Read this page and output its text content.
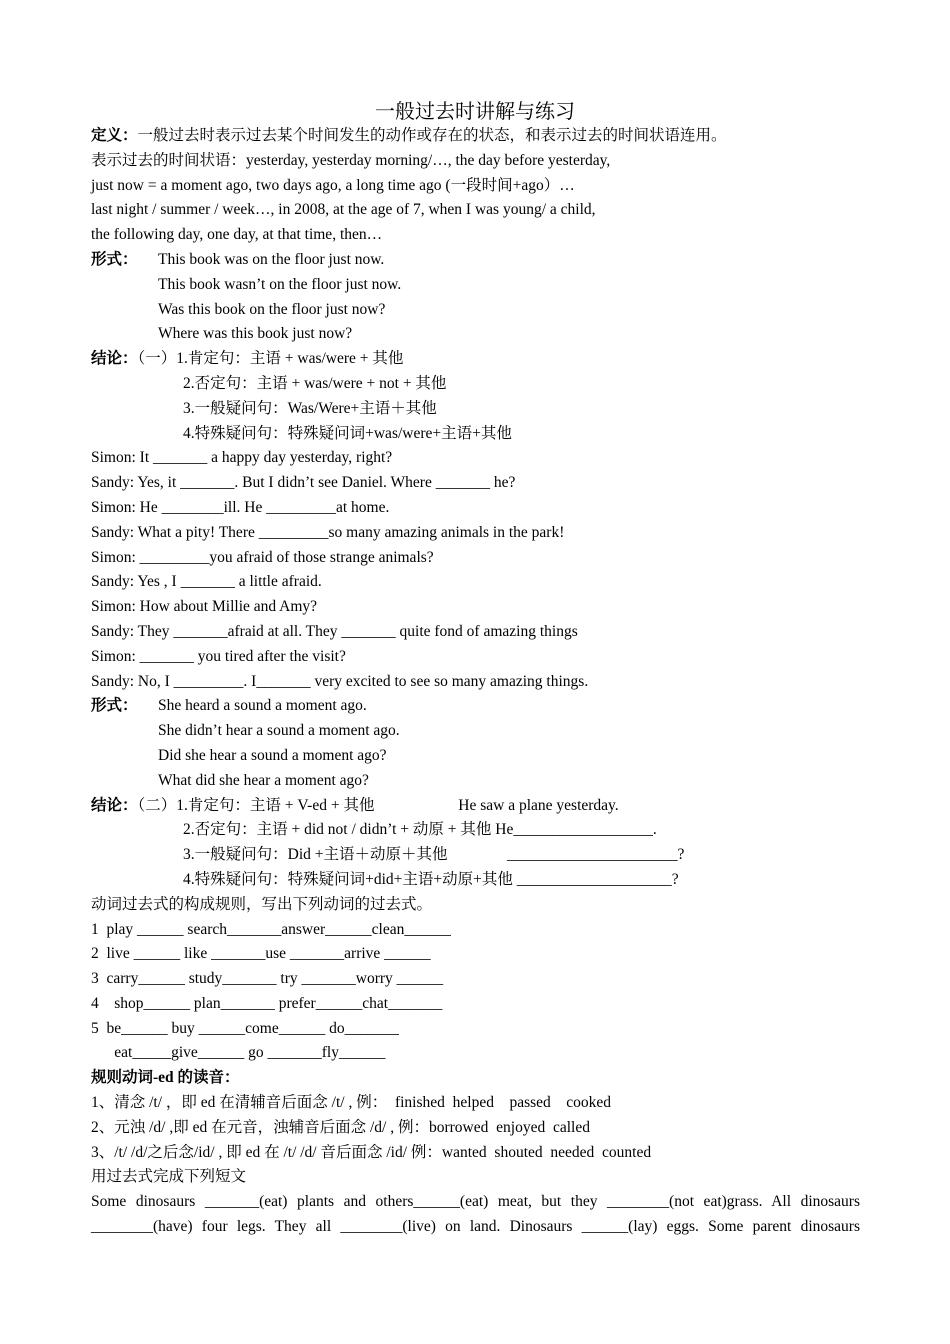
一般过去时讲解与练习
定义：一般过去时表示过去某个时间发生的动作或存在的状态，和表示过去的时间状语连用。
表示过去的时间状语：yesterday, yesterday morning/…, the day before yesterday,
just now = a moment ago, two days ago, a long time ago (一段时间+ago）…
last night / summer / week…, in 2008, at the age of 7, when I was young/ a child,
the following day, one day, at that time, then…
形式： This book was on the floor just now.
This book wasn’t on the floor just now.
Was this book on the floor just now?
Where was this book just now?
结论：（一）1.肯定句：主语 + was/were + 其他
2.否定句：主语 + was/were + not + 其他
3.一般疑问句：Was/Were+主语＋其他
4.特殊疑问句：特殊疑问词+was/were+主语+其他
Simon: It _______ a happy day yesterday, right?
Sandy: Yes, it _______. But I didn’t see Daniel. Where _______ he?
Simon: He ________ill. He _________at home.
Sandy: What a pity! There _________so many amazing animals in the park!
Simon: _________you afraid of those strange animals?
Sandy: Yes , I _______ a little afraid.
Simon: How about Millie and Amy?
Sandy: They _______afraid at all. They _______ quite fond of amazing things
Simon: _______ you tired after the visit?
Sandy: No, I _________. I_______ very excited to see so many amazing things.
形式： She heard a sound a moment ago.
She didn’t hear a sound a moment ago.
Did she hear a sound a moment ago?
What did she hear a moment ago?
结论：（二）1.肯定句：主语 + V-ed + 其他	He saw a plane yesterday.
2.否定句：主语 + did not / didn’t + 动原 + 其他 He__________________.
3.一般疑问句：Did +主语＋动原＋其他	______________________?
4.特殊疑问句：特殊疑问词+did+主语+动原+其他 ____________________?
动词过去式的构成规则，写出下列动词的过去式。
1  play ______ search_______answer______clean______
2  live ______ like _______use _______arrive ______
3  carry______ study_______ try _______worry ______
4    shop______ plan_______ prefer______chat_______
5  be______ buy ______come______ do_______
eat_____give______ go _______fly______
规则动词-ed 的读音：
1、清念 /t/ ，即 ed 在清辅音后面念 /t/ , 例：  finished  helped    passed    cooked
2、元浊 /d/ ,即 ed 在元音，浊辅音后面念 /d/ , 例：borrowed  enjoyed  called
3、/t/ /d/之后念/id/ , 即 ed 在 /t/ /d/ 音后面念 /id/ 例：wanted  shouted  needed  counted
用过去式完成下列短文
Some dinosaurs _______(eat) plants and others______(eat) meat, but they ________(not eat)grass. All dinosaurs
________(have) four legs. They all ________(live) on land. Dinosaurs ______(lay) eggs. Some parent dinosaurs
